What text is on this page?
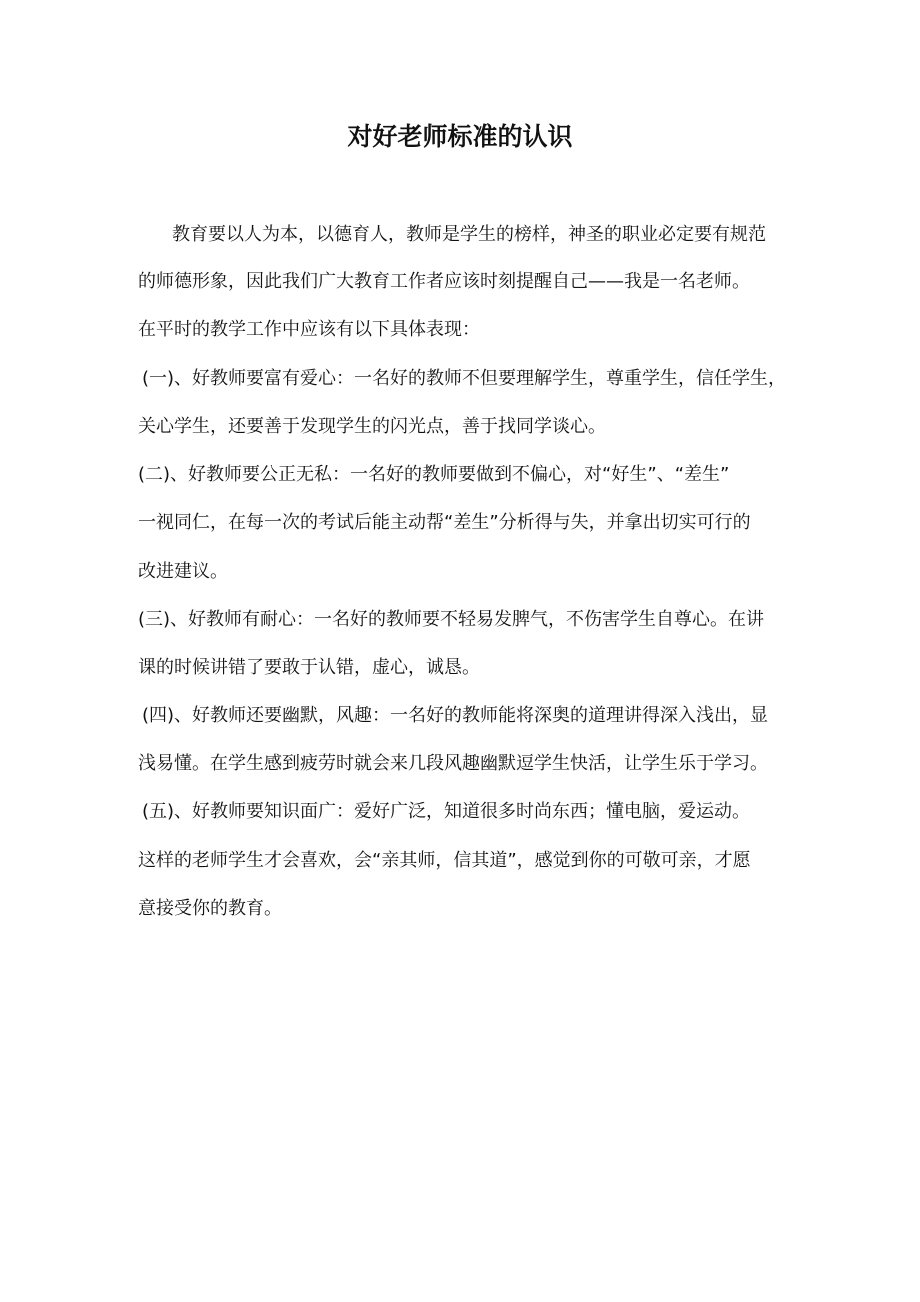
对好老师标准的认识
教育要以人为本，以德育人，教师是学生的榜样，神圣的职业必定要有规范
的师德形象，因此我们广大教育工作者应该时刻提醒自己——我是一名老师。
在平时的教学工作中应该有以下具体表现：
(一)、好教师要富有爱心：一名好的教师不但要理解学生，尊重学生，信任学生，
关心学生，还要善于发现学生的闪光点，善于找同学谈心。
(二)、好教师要公正无私：一名好的教师要做到不偏心，对“好生”、“差生”
一视同仁，在每一次的考试后能主动帮“差生”分析得与失，并拿出切实可行的
改进建议。
(三)、好教师有耐心：一名好的教师要不轻易发脾气，不伤害学生自尊心。在讲
课的时候讲错了要敢于认错，虚心，诚恳。
(四)、好教师还要幽默，风趣：一名好的教师能将深奥的道理讲得深入浅出，显
浅易懂。在学生感到疲劳时就会来几段风趣幽默逗学生快活，让学生乐于学习。
(五)、好教师要知识面广：爱好广泛，知道很多时尚东西；懂电脑，爱运动。
这样的老师学生才会喜欢，会“亲其师，信其道”，感觉到你的可敬可亲，才愿
意接受你的教育。
